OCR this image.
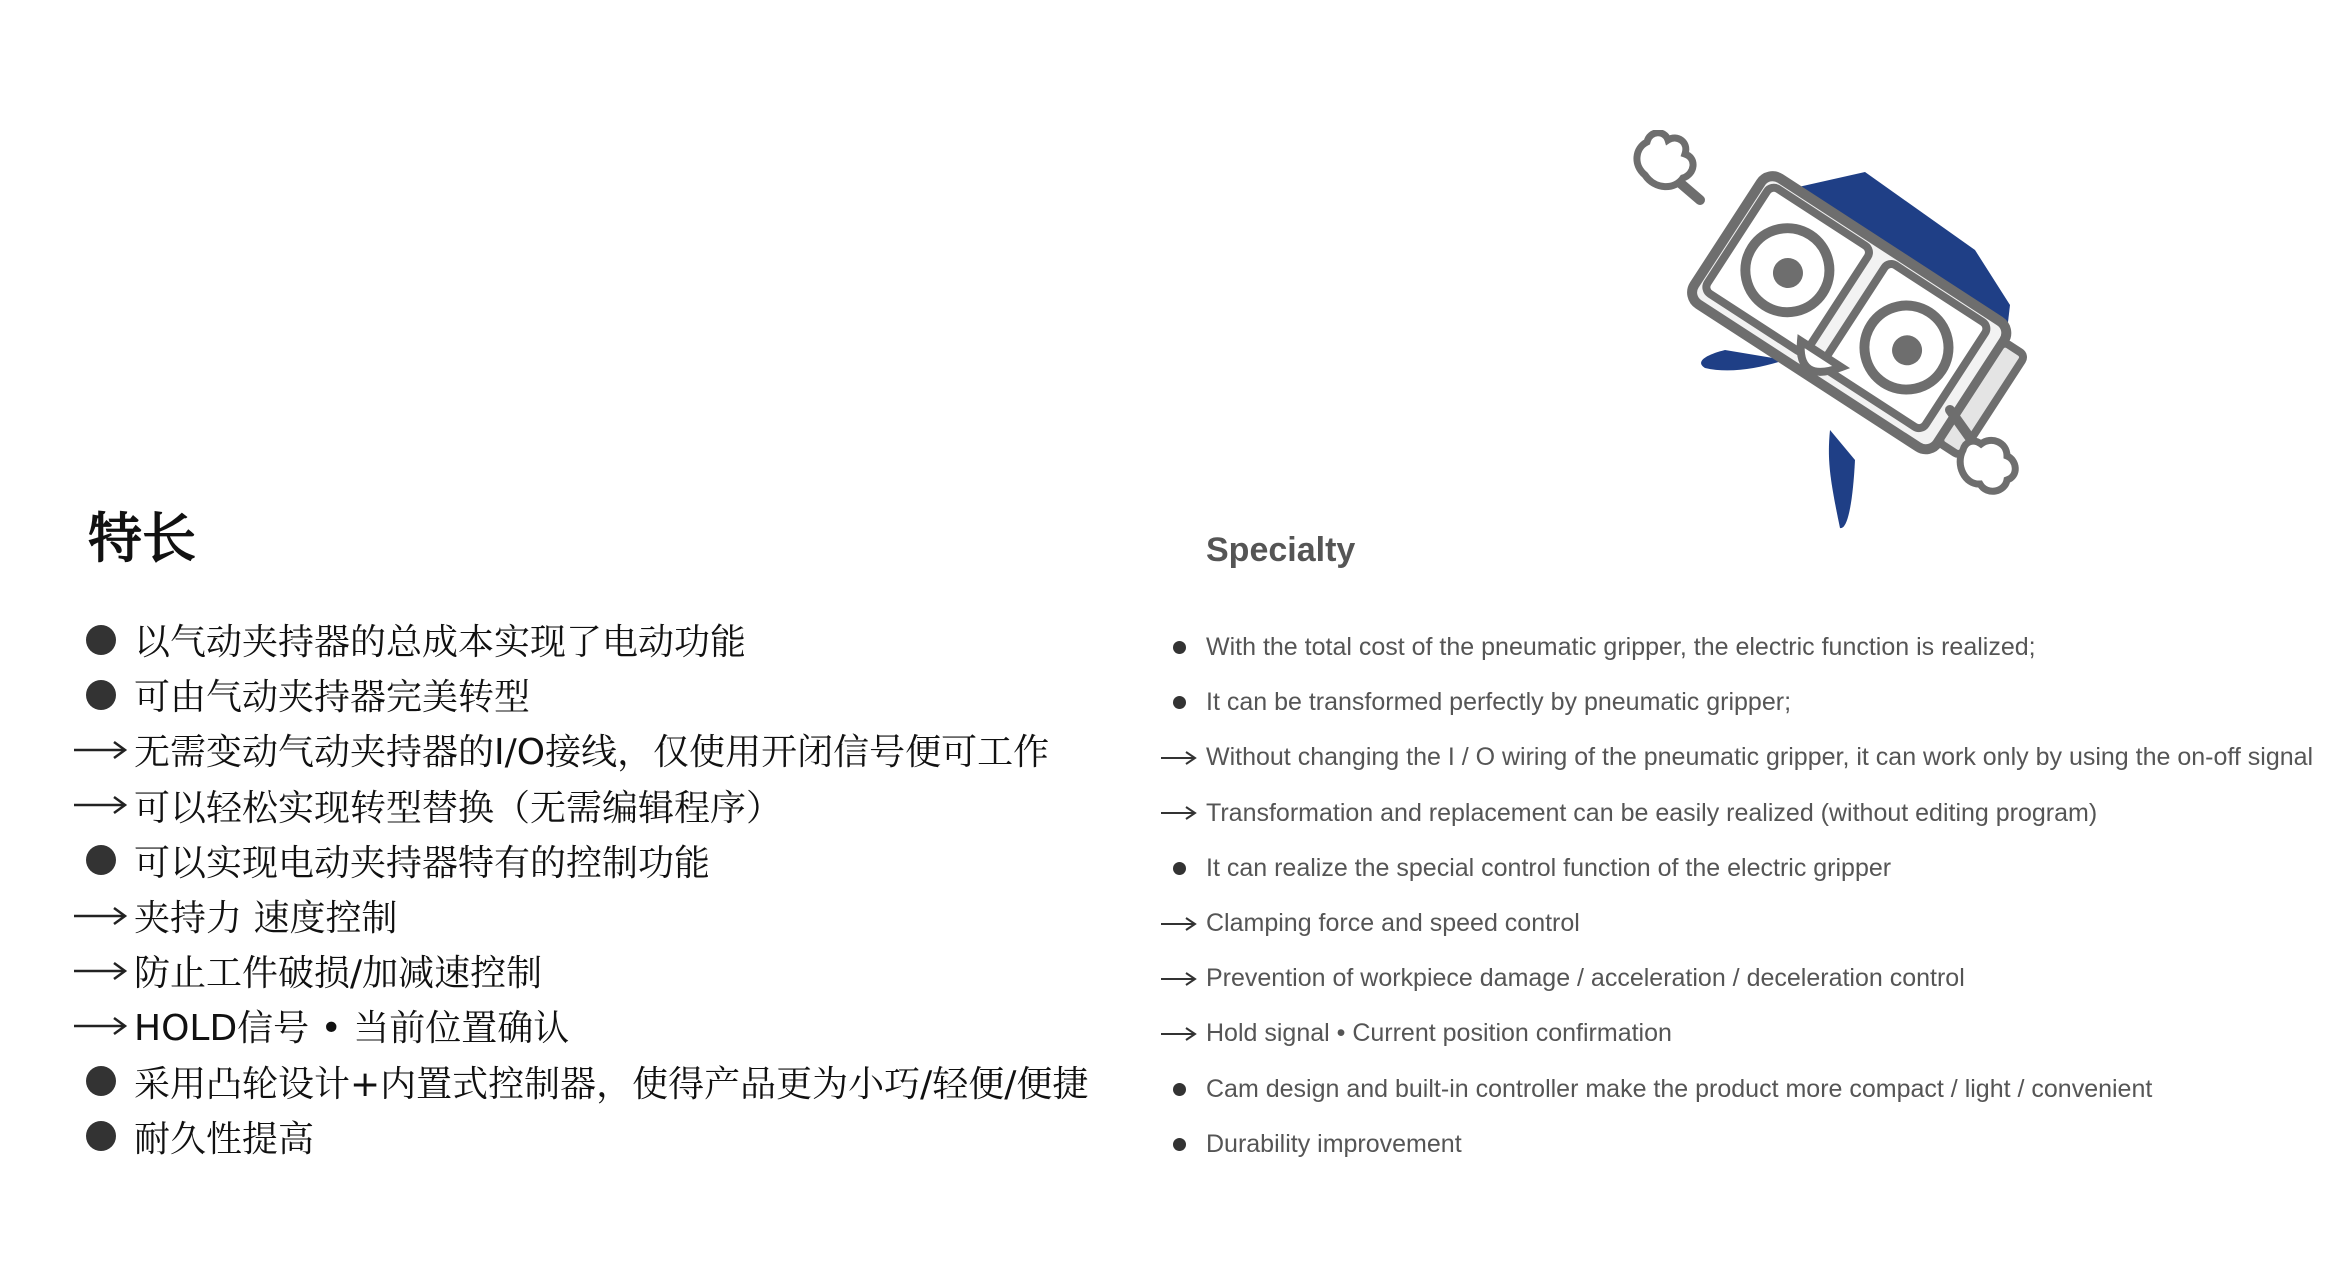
特长	Specialty
以气动夹持器的总成本实现了电动功能
可由气动夹持器完美转型
无需变动气动夹持器的I/O接线，仅使用开闭信号便可工作
可以轻松实现转型替换（无需编辑程序）
可以实现电动夹持器特有的控制功能
夹持力 速度控制
防止工件破损/加减速控制
HOLD信号 • 当前位置确认
采用凸轮设计+内置式控制器，使得产品更为小巧/轻便/便捷
耐久性提高
With the total cost of the pneumatic gripper, the electric function is realized;
It can be transformed perfectly by pneumatic gripper;
Without changing the I / O wiring of the pneumatic gripper, it can work only by using the on-off signal
Transformation and replacement can be easily realized (without editing program)
It can realize the special control function of the electric gripper
Clamping force and speed control
Prevention of workpiece damage / acceleration / deceleration control
Hold signal • Current position confirmation
Cam design and built-in controller make the product more compact / light / convenient
Durability improvement
